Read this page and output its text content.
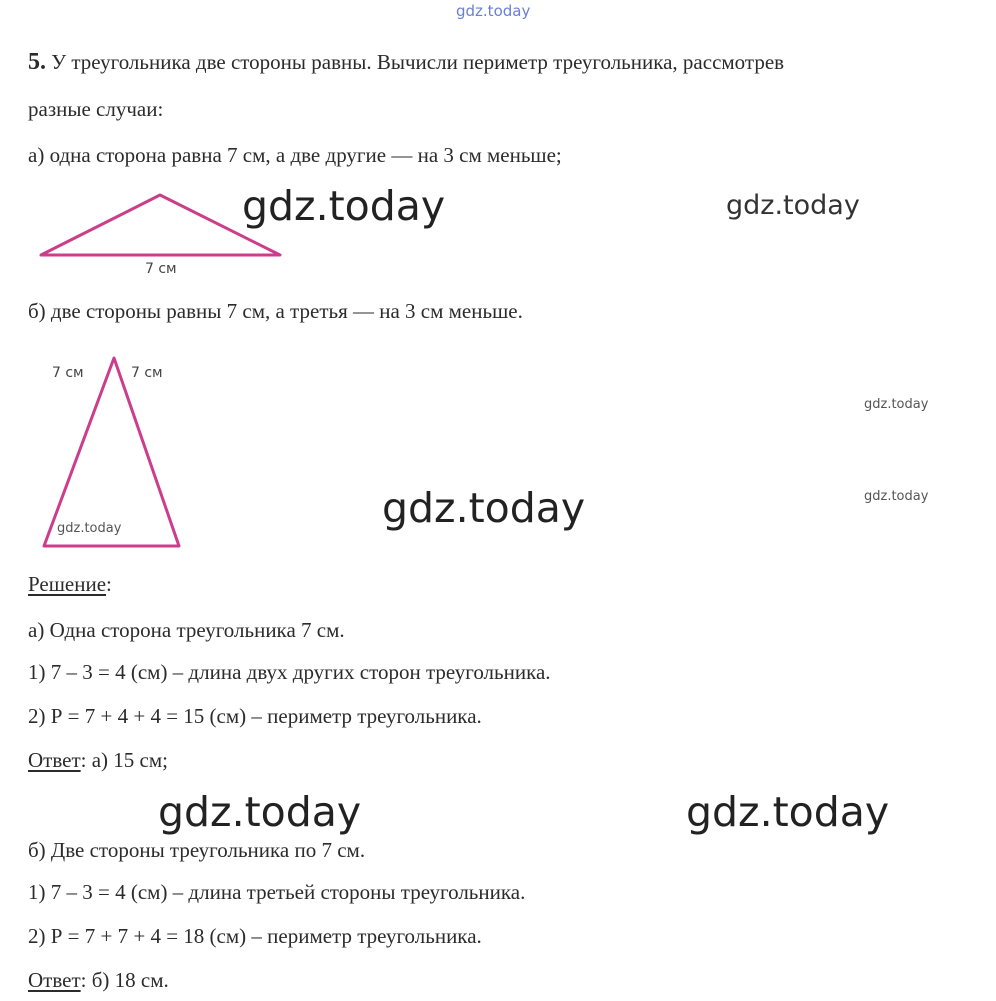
gdz.today
5. У треугольника две стороны равны. Вычисли периметр треугольника, рассмотрев
разные случаи:
а) одна сторона равна 7 см, а две другие — на 3 см меньше;
7 см
gdz.today	gdz.today
б) две стороны равны 7 см, а третья — на 3 см меньше.
7 см	7 см
gdz.today
gdz.today
gdz.today
gdz.today
Решение:
а) Одна сторона треугольника 7 см.
1) 7 – 3 = 4 (см) – длина двух других сторон треугольника.
2) Р = 7 + 4 + 4 = 15 (см) – периметр треугольника.
Ответ: а) 15 см;
gdz.today	gdz.today
б) Две стороны треугольника по 7 см.
1) 7 – 3 = 4 (см) – длина третьей стороны треугольника.
2) Р = 7 + 7 + 4 = 18 (см) – периметр треугольника.
Ответ: б) 18 см.
